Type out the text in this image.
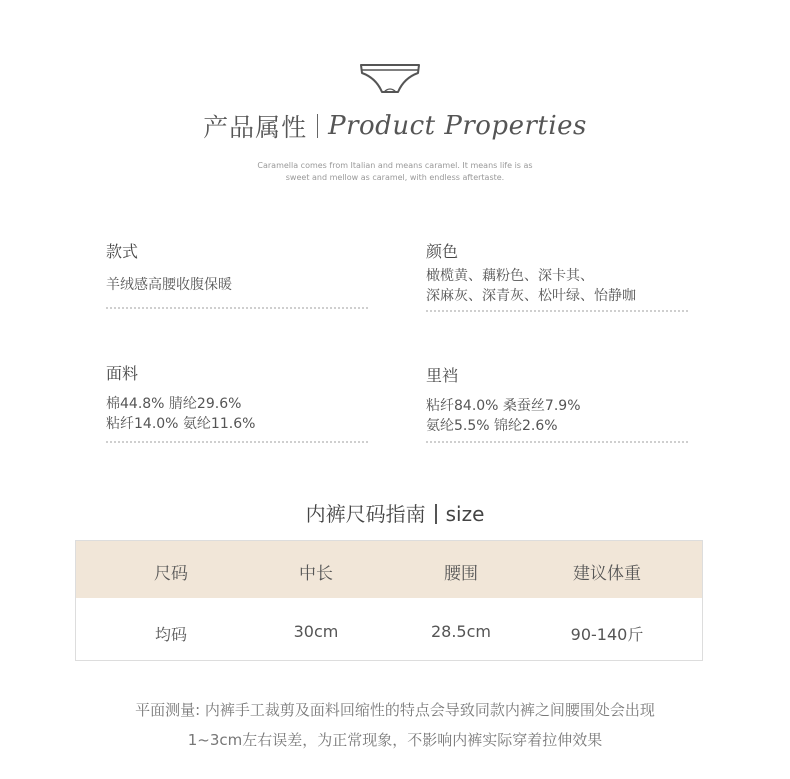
产品属性 Product Properties
Caramella comes from Italian and means caramel. It means life is as
sweet and mellow as caramel, with endless aftertaste.
款式
羊绒感高腰收腹保暖
颜色
橄榄黄、藕粉色、深卡其、
深麻灰、深青灰、松叶绿、怡静咖
面料
棉44.8% 腈纶29.6%
粘纤14.0% 氨纶11.6%
里裆
粘纤84.0% 桑蚕丝7.9%
氨纶5.5% 锦纶2.6%
内裤尺码指南 size
尺码	中长	腰围	建议体重
均码	30cm	28.5cm	90-140斤
平面测量: 内裤手工裁剪及面料回缩性的特点会导致同款内裤之间腰围处会出现
1~3cm左右误差，为正常现象，不影响内裤实际穿着拉伸效果
